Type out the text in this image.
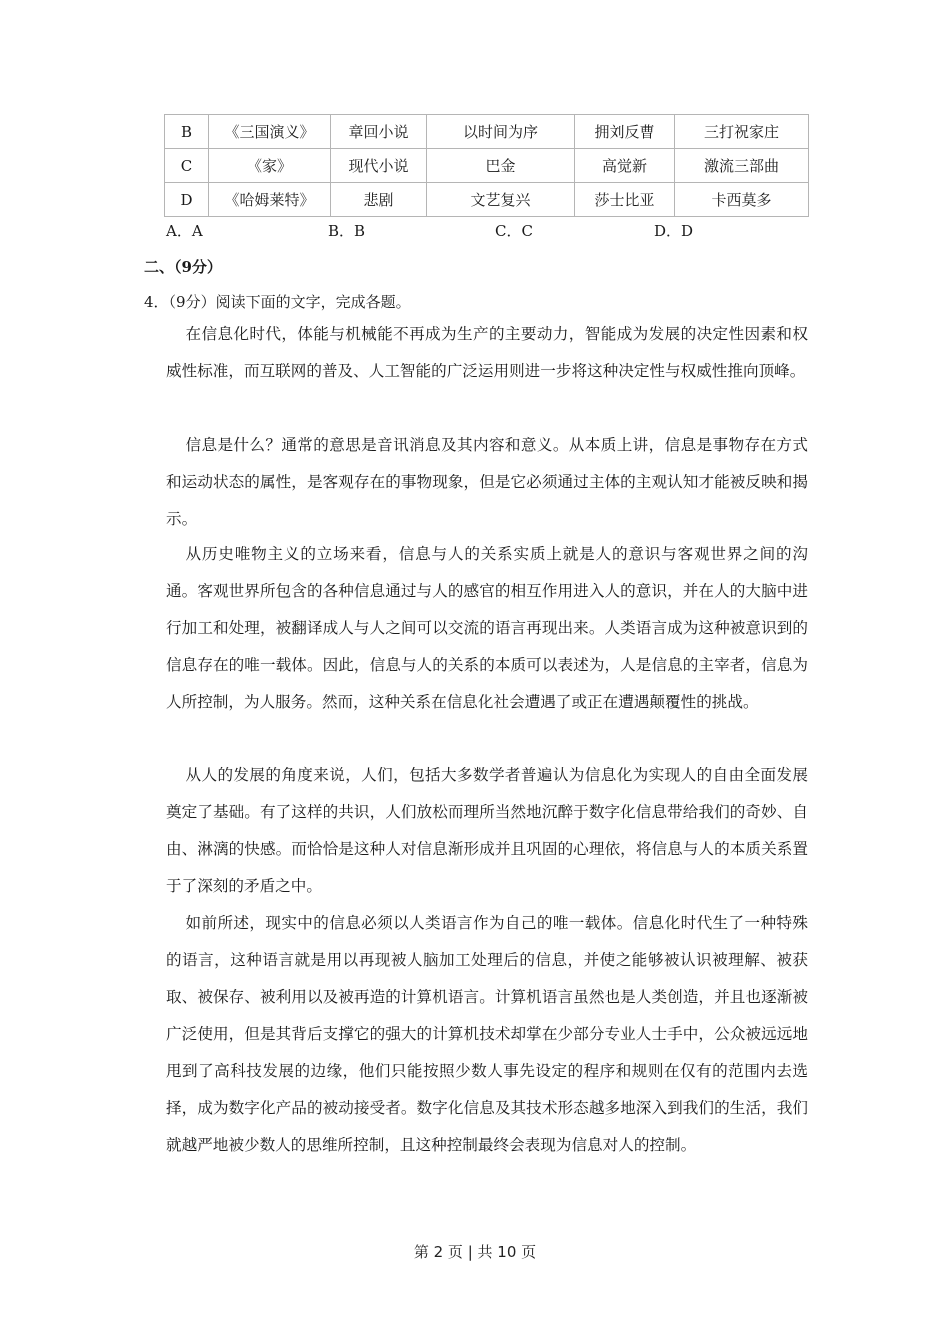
B	《三国演义》	章回小说	以时间为序	拥刘反曹	三打祝家庄
C	《家》	现代小说	巴金	高觉新	激流三部曲
D	《哈姆莱特》	悲剧	文艺复兴	莎士比亚	卡西莫多
A．A	B．B	C．C	D．D
二、（9分）
4．（9分）阅读下面的文字，完成各题。

在信息化时代，体能与机械能不再成为生产的主要动力，智能成为发展的决定性因素和权威性标准，而互联网的普及、人工智能的广泛运用则进一步将这种决定性与权威性推向顶峰。

信息是什么？通常的意思是音讯消息及其内容和意义。从本质上讲，信息是事物存在方式和运动状态的属性，是客观存在的事物现象，但是它必须通过主体的主观认知才能被反映和揭示。

从历史唯物主义的立场来看，信息与人的关系实质上就是人的意识与客观世界之间的沟通。客观世界所包含的各种信息通过与人的感官的相互作用进入人的意识，并在人的大脑中进行加工和处理，被翻译成人与人之间可以交流的语言再现出来。人类语言成为这种被意识到的信息存在的唯一载体。因此，信息与人的关系的本质可以表述为，人是信息的主宰者，信息为人所控制，为人服务。然而，这种关系在信息化社会遭遇了或正在遭遇颠覆性的挑战。

从人的发展的角度来说，人们，包括大多数学者普遍认为信息化为实现人的自由全面发展奠定了基础。有了这样的共识，人们放松而理所当然地沉醉于数字化信息带给我们的奇妙、自由、淋漓的快感。而恰恰是这种人对信息渐形成并且巩固的心理依，将信息与人的本质关系置于了深刻的矛盾之中。

如前所述，现实中的信息必须以人类语言作为自己的唯一载体。信息化时代生了一种特殊的语言，这种语言就是用以再现被人脑加工处理后的信息，并使之能够被认识被理解、被获取、被保存、被利用以及被再造的计算机语言。计算机语言虽然也是人类创造，并且也逐渐被广泛使用，但是其背后支撑它的强大的计算机技术却掌在少部分专业人士手中，公众被远远地甩到了高科技发展的边缘，他们只能按照少数人事先设定的程序和规则在仅有的范围内去选择，成为数字化产品的被动接受者。数字化信息及其技术形态越多地深入到我们的生活，我们就越严地被少数人的思维所控制，且这种控制最终会表现为信息对人的控制。

第 2 页 | 共 10 页
